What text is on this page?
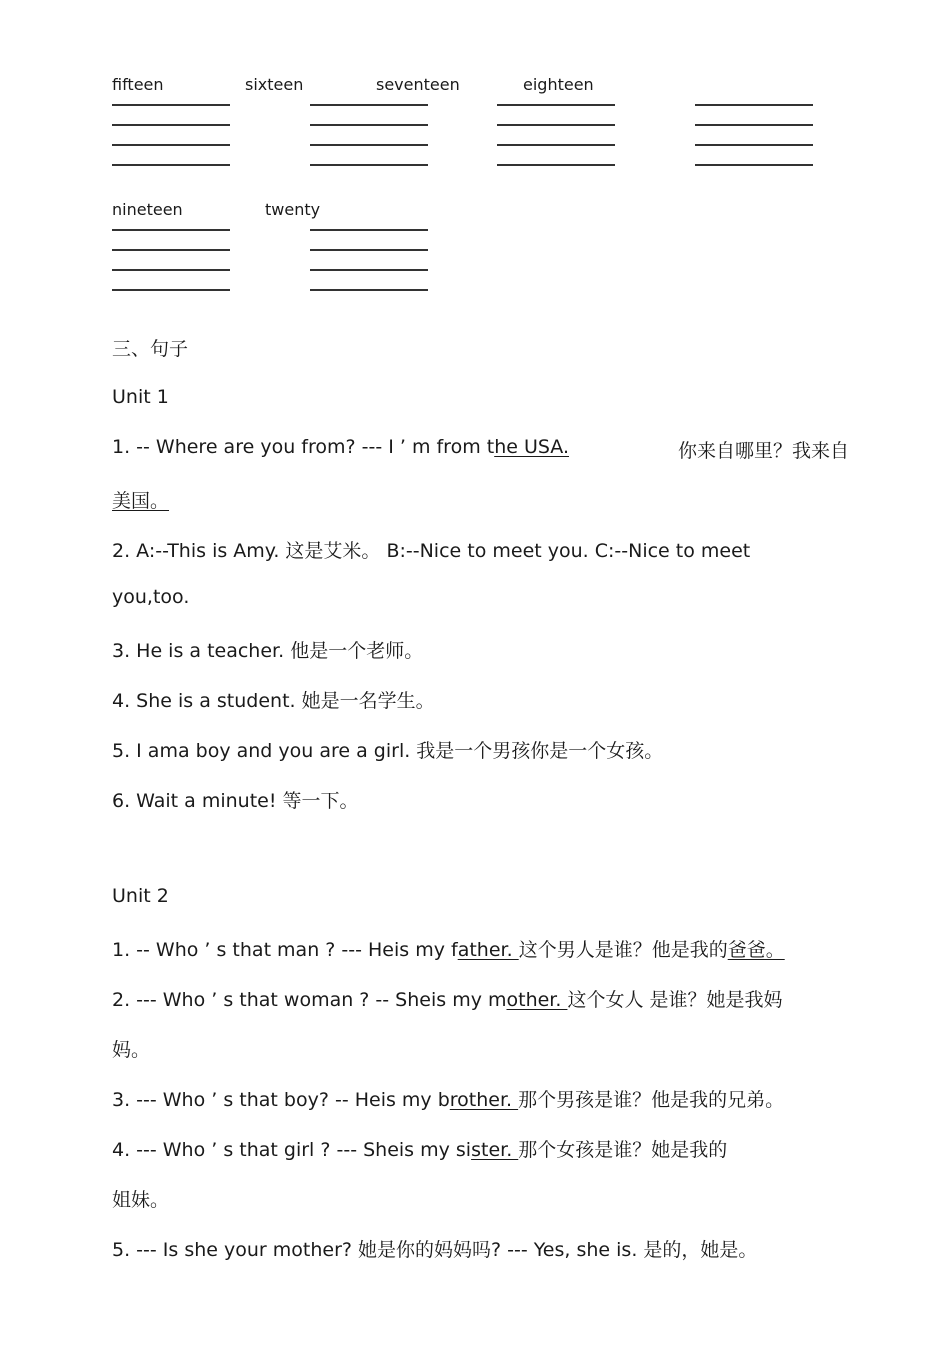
fifteen	sixteen	seventeen	eighteen
nineteen	twenty
三、句子
Unit 1
1. -- Where are you from? --- I ’ m from the USA.	你来自哪里？我来自
美国。
2. A:--This is Amy. 这是艾米。 B:--Nice to meet you. C:--Nice to meet
you,too.
3. He is a teacher. 他是一个老师。
4. She is a student. 她是一名学生。
5. I ama boy and you are a girl. 我是一个男孩你是一个女孩。
6. Wait a minute! 等一下。
Unit 2
1. -- Who ’ s that man ? --- Heis my father. 这个男人是谁？他是我的爸爸。
2. --- Who ’ s that woman ? -- Sheis my mother. 这个女人 是谁？她是我妈
妈。
3. --- Who ’ s that boy? -- Heis my brother. 那个男孩是谁？他是我的兄弟。
4. --- Who ’ s that girl ? --- Sheis my sister. 那个女孩是谁？她是我的
姐妹。
5. --- Is she your mother? 她是你的妈妈吗? --- Yes, she is. 是的，她是。
